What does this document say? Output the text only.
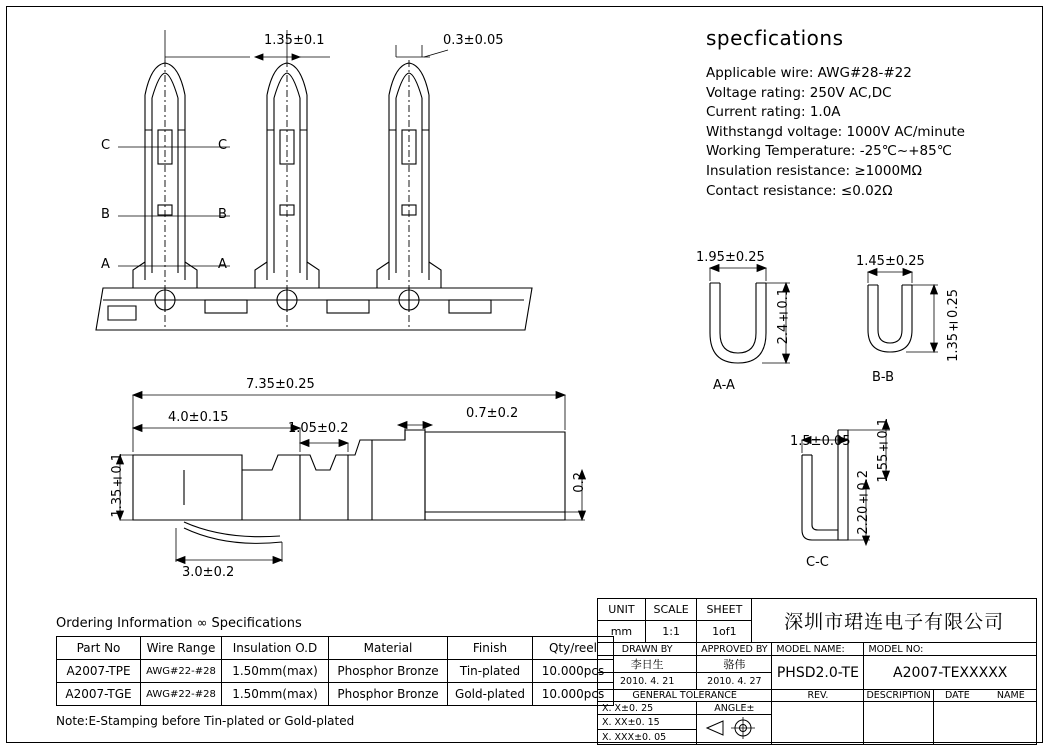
1.35±0.1	0.3±0.05
C	C
B	B
A	A
specfications
Applicable wire: AWG#28-#22
Voltage rating: 250V AC,DC
Current rating: 1.0A
Withstangd voltage: 1000V AC/minute
Working Temperature: -25℃~+85℃
Insulation resistance: ≥1000MΩ
Contact resistance: ≤0.02Ω
7.35±0.25
4.0±0.15
1.05±0.2
0.7±0.2
1.35±0.1	0.2
3.0±0.2
1.95±0.25
2.4±0.1
A-A
1.45±0.25
1.35±0.25
B-B
1.5±0.05 1.55±0.1
2.20±0.2
C-C
Ordering Information ∞ Specifications
Part No	Wire Range	Insulation O.D	Material	Finish	Qty/reel
A2007-TPE	AWG#22-#28	1.50mm(max)	Phosphor Bronze	Tin-plated	10.000pcs
A2007-TGE	AWG#22-#28	1.50mm(max)	Phosphor Bronze	Gold-plated	10.000pcs
Note:E-Stamping before Tin-plated or Gold-plated
UNIT	SCALE	SHEET	深圳市珺连电子有限公司			
mm	1:1	1of1				
DRAWN BY		APPROVED BY		MODEL NAME:	MODEL NO:	
李日生		骆伟		PHSD2.0-TE	A2007-TEXXXXX	
2010. 4. 21		2010. 4. 27				
GENERAL TOLERANCE				REV.	DESCRIPTION	DATE NAME
X. X±0. 25		ANGLE±				
X. XX±0. 15	
X. XXX±0. 05						
